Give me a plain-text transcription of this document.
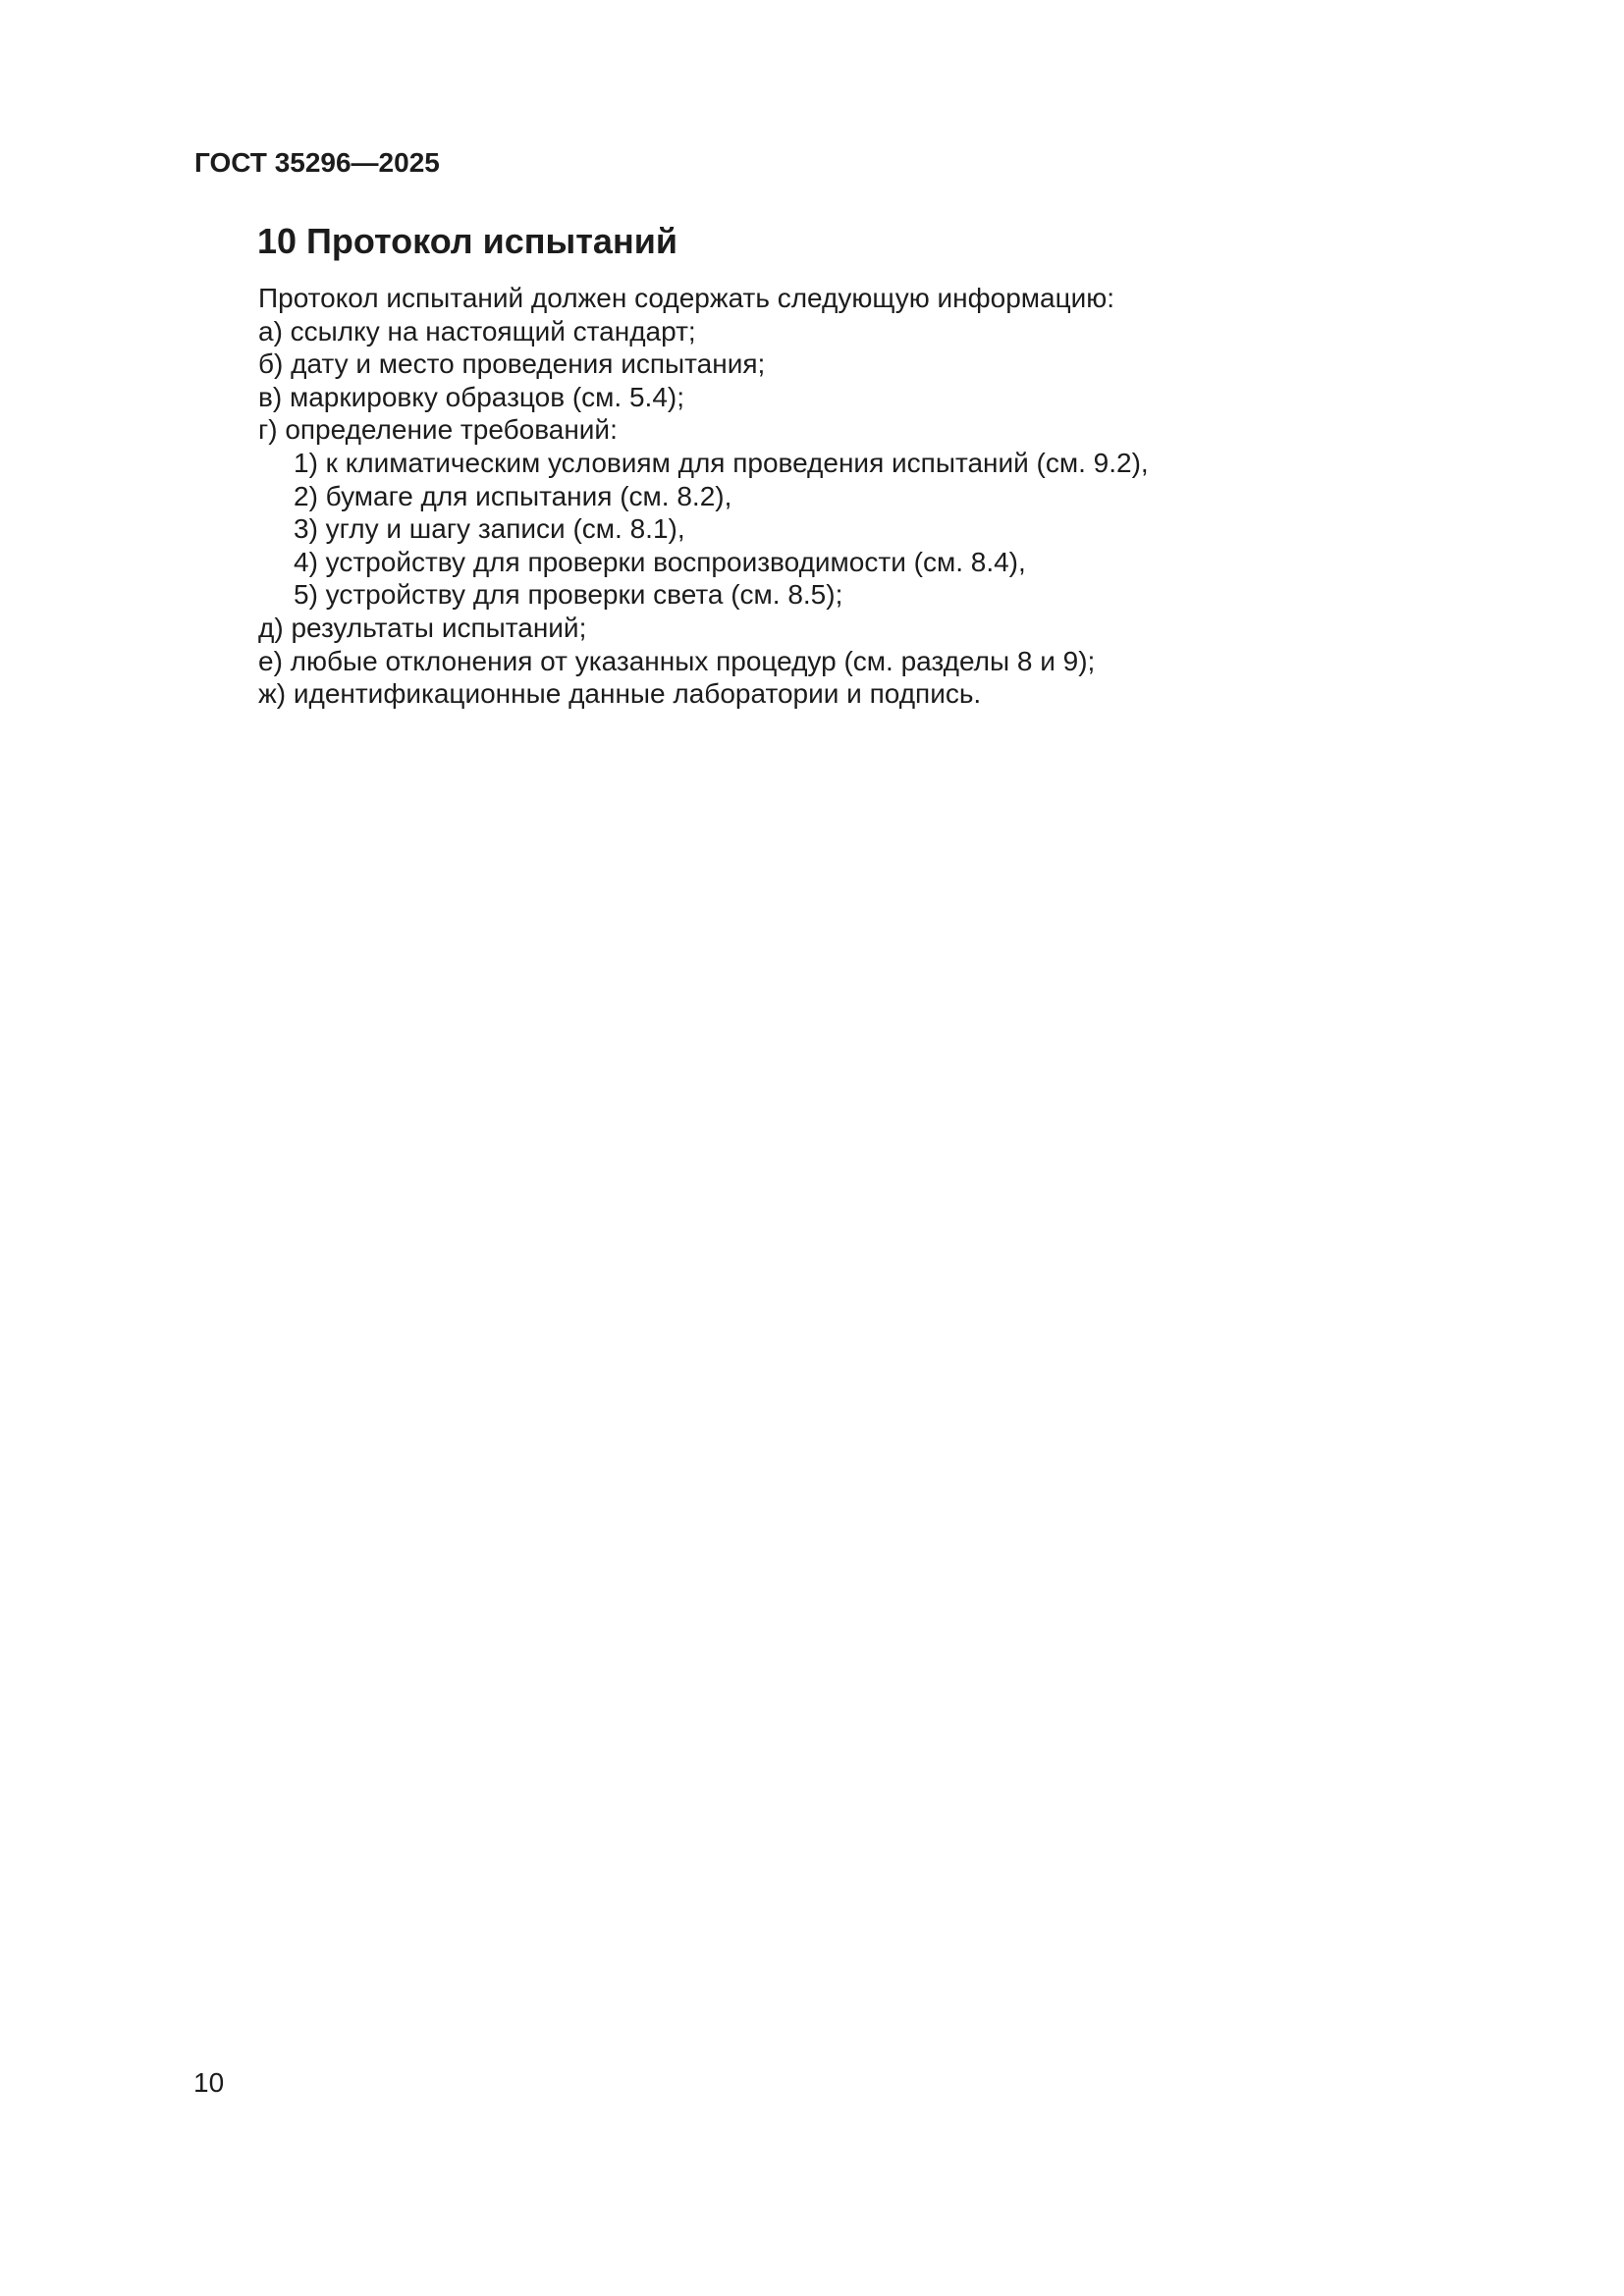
ГОСТ 35296—2025
10 Протокол испытаний
Протокол испытаний должен содержать следующую информацию:
а) ссылку на настоящий стандарт;
б) дату и место проведения испытания;
в) маркировку образцов (см. 5.4);
г) определение требований:
1) к климатическим условиям для проведения испытаний (см. 9.2),
2) бумаге для испытания (см. 8.2),
3) углу и шагу записи (см. 8.1),
4) устройству для проверки воспроизводимости (см. 8.4),
5) устройству для проверки света (см. 8.5);
д) результаты испытаний;
е) любые отклонения от указанных процедур (см. разделы 8 и 9);
ж) идентификационные данные лаборатории и подпись.
10
